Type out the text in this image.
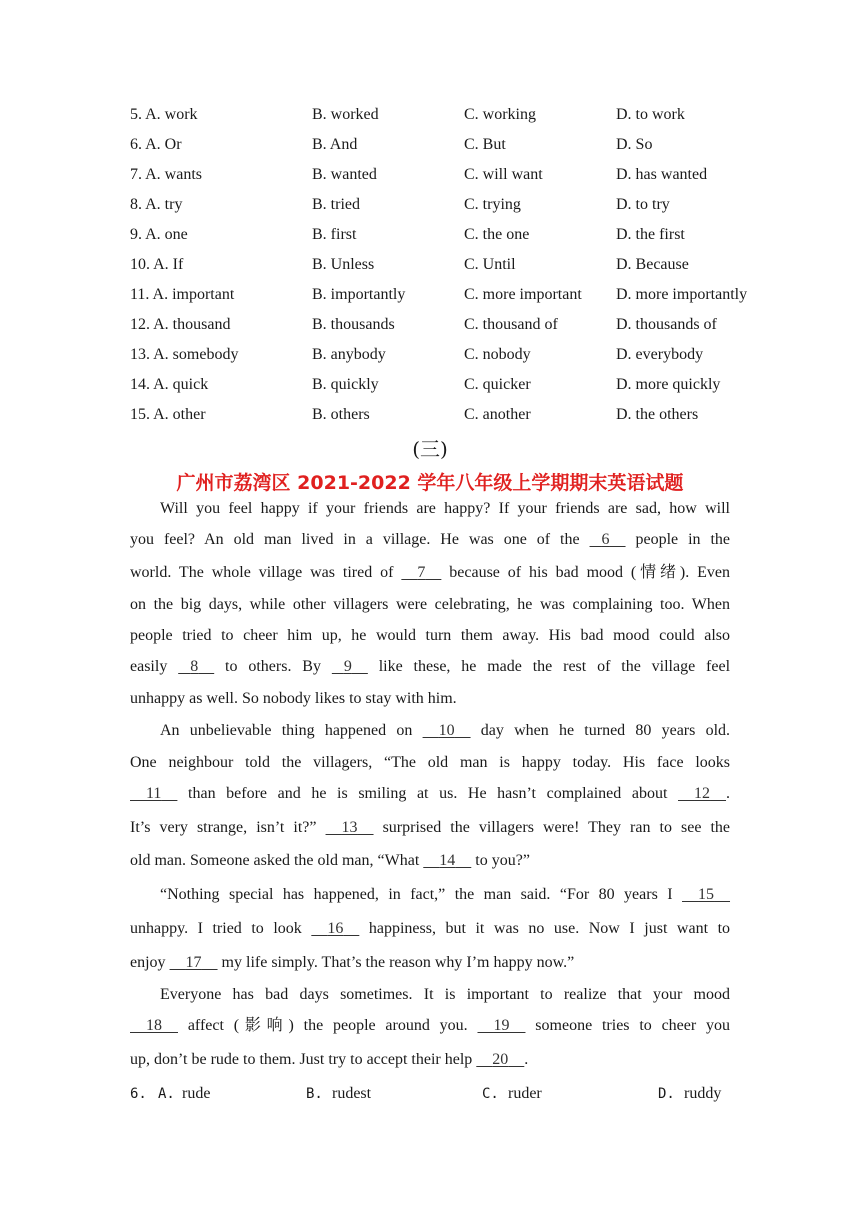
5. A. work	B. worked	C. working	D. to work
6. A. Or	B. And	C. But	D. So
7. A. wants	B. wanted	C. will want	D. has wanted
8. A. try	B. tried	C. trying	D. to try
9. A. one	B. first	C. the one	D. the first
10. A. If	B. Unless	C. Until	D. Because
11. A. important	B. importantly	C. more important D. more importantly
12. A. thousand	B. thousands	C. thousand of	D. thousands of
13. A. somebody	B. anybody	C. nobody	D. everybody
14. A. quick	B. quickly	C. quicker	D. more quickly
15. A. other	B. others	C. another	D. the others
(三)
广州市荔湾区 2021-2022 学年八年级上学期期末英语试题
Will you feel happy if your friends are happy? If your friends are sad, how will
you feel? An old man lived in a village. He was one of the 6 people in the
world. The whole village was tired of 7 because of his bad mood (情绪). Even
on the big days, while other villagers were celebrating, he was complaining too. When
people tried to cheer him up, he would turn them away. His bad mood could also
easily 8 to others. By 9 like these, he made the rest of the village feel
unhappy as well. So nobody likes to stay with him.
An unbelievable thing happened on 10 day when he turned 80 years old.
One neighbour told the villagers, “The old man is happy today. His face looks
11 than before and he is smiling at us. He hasn’t complained about 12 .
It’s very strange, isn’t it?” 13 surprised the villagers were! They ran to see the
old man. Someone asked the old man, “What 14 to you?”
“Nothing special has happened, in fact,” the man said. “For 80 years I 15
unhappy. I tried to look 16 happiness, but it was no use. Now I just want to
enjoy 17 my life simply. That’s the reason why I’m happy now.”
Everyone has bad days sometimes. It is important to realize that your mood
18 affect (影响) the people around you. 19 someone tries to cheer you
up, don’t be rude to them. Just try to accept their help 20 .
6. A. rude	B. rudest	C. ruder	D. ruddy
